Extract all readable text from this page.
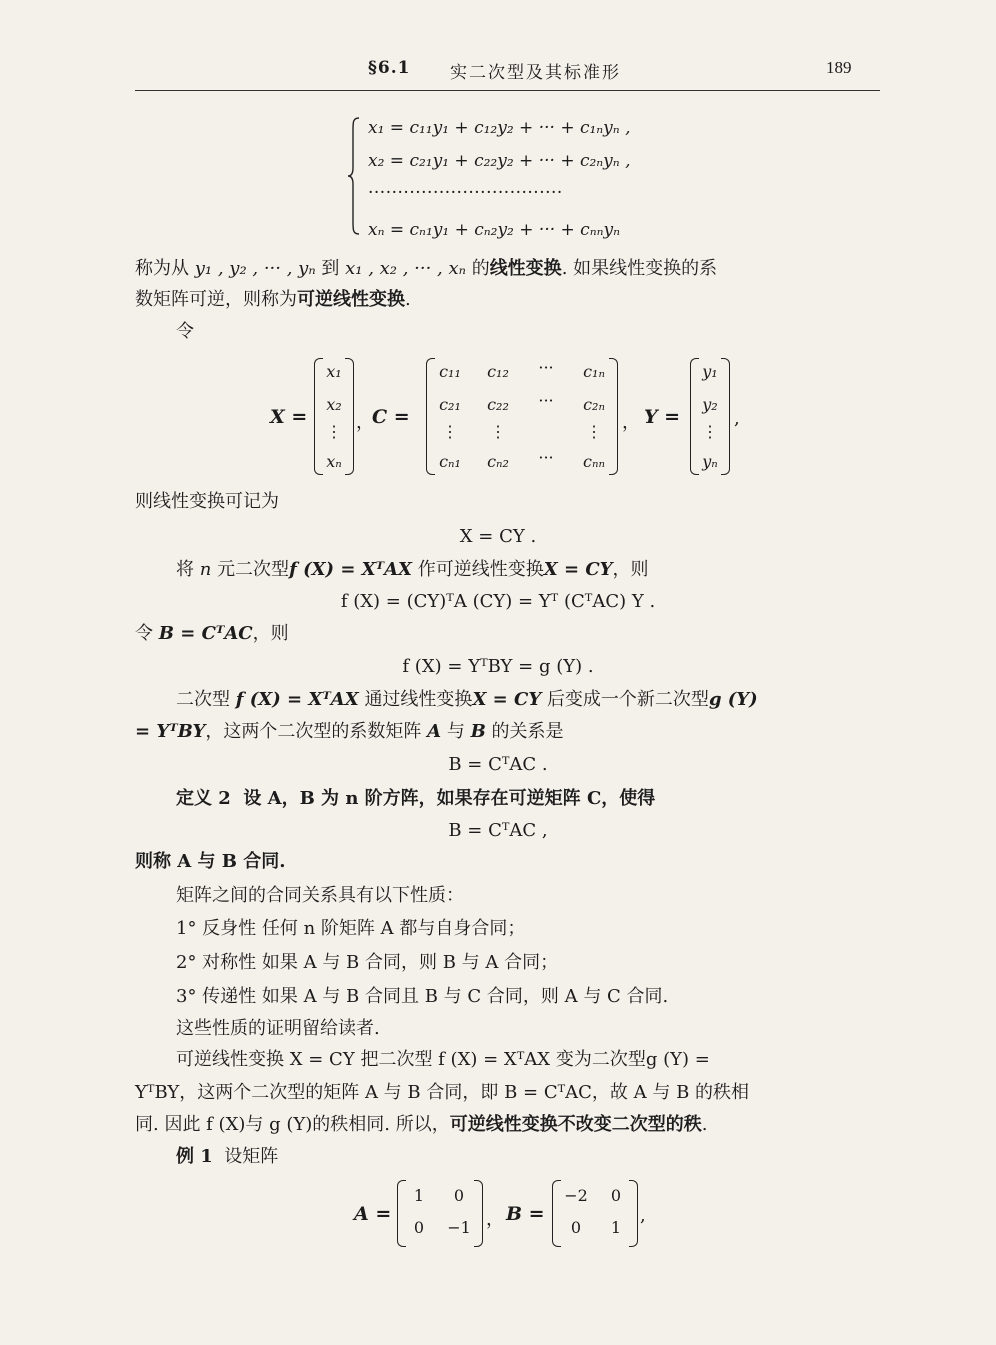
§6.1 实二次型及其标准形	189
x₁ = c₁₁y₁ + c₁₂y₂ + ··· + c₁ₙyₙ ,
x₂ = c₂₁y₁ + c₂₂y₂ + ··· + c₂ₙyₙ ,
·································
xₙ = cₙ₁y₁ + cₙ₂y₂ + ··· + cₙₙyₙ
称为从 y₁ , y₂ , ··· , yₙ 到 x₁ , x₂ , ··· , xₙ 的线性变换. 如果线性变换的系
数矩阵可逆，则称为可逆线性变换.
令
X =
x₁
x₂
⋮
xₙ
，
C =
c₁₁	c₁₂	···	c₁ₙ
c₂₁	c₂₂	···	c₂ₙ
⋮	⋮	⋮
cₙ₁	cₙ₂	···	cₙₙ
， Y =
y₁
y₂
⋮
yₙ
,
则线性变换可记为
X = CY .
将 n 元二次型f (X) = XᵀAX 作可逆线性变换X = CY，则
f (X) = (CY)ᵀA (CY) = Yᵀ (CᵀAC) Y .
令 B = CᵀAC，则
f (X) = YᵀBY = g (Y) .
二次型 f (X) = XᵀAX 通过线性变换X = CY 后变成一个新二次型g (Y)
= YᵀBY，这两个二次型的系数矩阵 A 与 B 的关系是
B = CᵀAC .
定义 2 设 A，B 为 n 阶方阵，如果存在可逆矩阵 C，使得
B = CᵀAC ,
则称 A 与 B 合同.
矩阵之间的合同关系具有以下性质：
1° 反身性 任何 n 阶矩阵 A 都与自身合同；
2° 对称性 如果 A 与 B 合同，则 B 与 A 合同；
3° 传递性 如果 A 与 B 合同且 B 与 C 合同，则 A 与 C 合同.
这些性质的证明留给读者.
可逆线性变换 X = CY 把二次型 f (X) = XᵀAX 变为二次型g (Y) =
YᵀBY，这两个二次型的矩阵 A 与 B 合同，即 B = CᵀAC，故 A 与 B 的秩相
同. 因此 f (X)与 g (Y)的秩相同. 所以，可逆线性变换不改变二次型的秩.
例 1 设矩阵
A =
1	0
0	−1 ， B =
−2	0
0	1
,
